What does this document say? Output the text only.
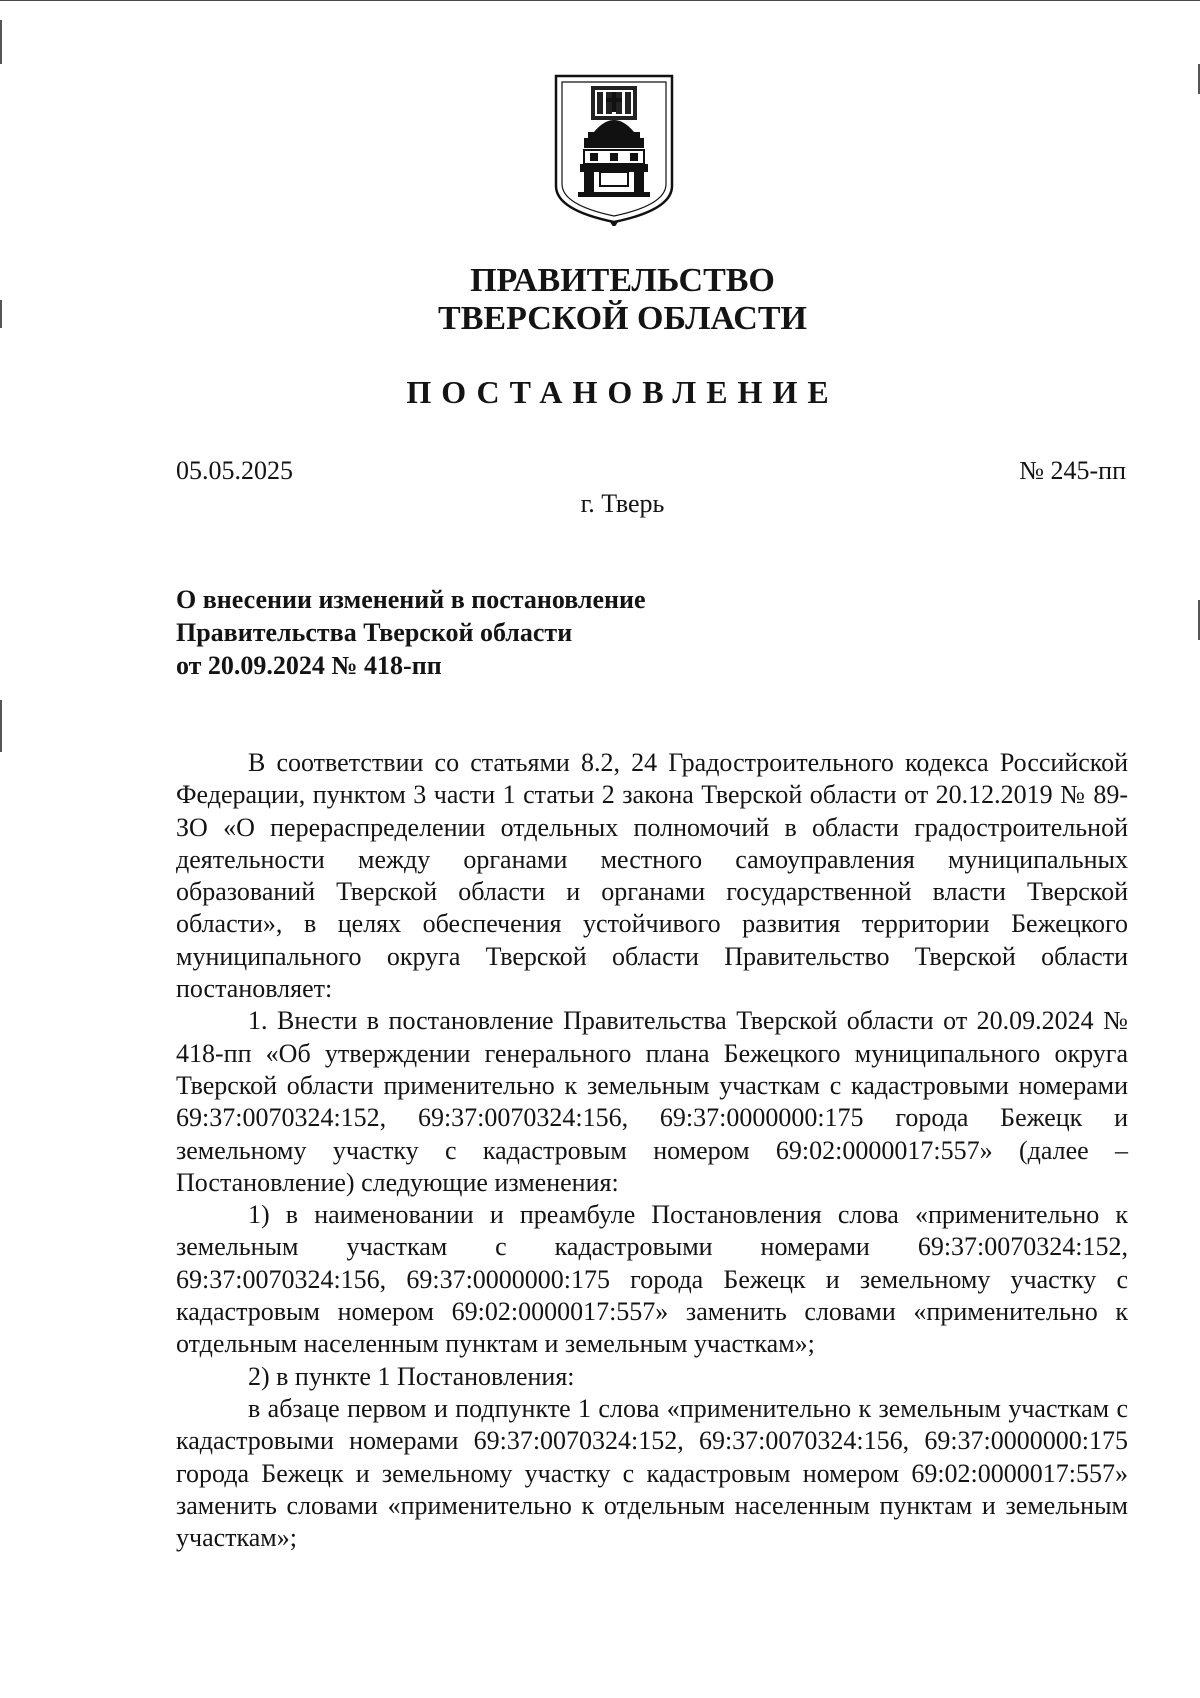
ПРАВИТЕЛЬСТВО
ТВЕРСКОЙ ОБЛАСТИ
ПОСТАНОВЛЕНИЕ
05.05.2025	№ 245-пп
г. Тверь
О внесении изменений в постановление
Правительства Тверской области
от 20.09.2024 № 418-пп

В соответствии со статьями 8.2, 24 Градостроительного кодекса Российской Федерации, пунктом 3 части 1 статьи 2 закона Тверской области от 20.12.2019 № 89-ЗО «О перераспределении отдельных полномочий в области градостроительной деятельности между органами местного самоуправления муниципальных образований Тверской области и органами государственной власти Тверской области», в целях обеспечения устойчивого развития территории Бежецкого муниципального округа Тверской области Правительство Тверской области постановляет:

1. Внести в постановление Правительства Тверской области от 20.09.2024 № 418-пп «Об утверждении генерального плана Бежецкого муниципального округа Тверской области применительно к земельным участкам с кадастровыми номерами 69:37:0070324:152, 69:37:0070324:156, 69:37:0000000:175 города Бежецк и земельному участку с кадастровым номером 69:02:0000017:557» (далее – Постановление) следующие изменения:

1) в наименовании и преамбуле Постановления слова «применительно к земельным участкам с кадастровыми номерами 69:37:0070324:152, 69:37:0070324:156, 69:37:0000000:175 города Бежецк и земельному участку с кадастровым номером 69:02:0000017:557» заменить словами «применительно к отдельным населенным пунктам и земельным участкам»;

2) в пункте 1 Постановления:

в абзаце первом и подпункте 1 слова «применительно к земельным участкам с кадастровыми номерами 69:37:0070324:152, 69:37:0070324:156, 69:37:0000000:175 города Бежецк и земельному участку с кадастровым номером 69:02:0000017:557» заменить словами «применительно к отдельным населенным пунктам и земельным участкам»;
